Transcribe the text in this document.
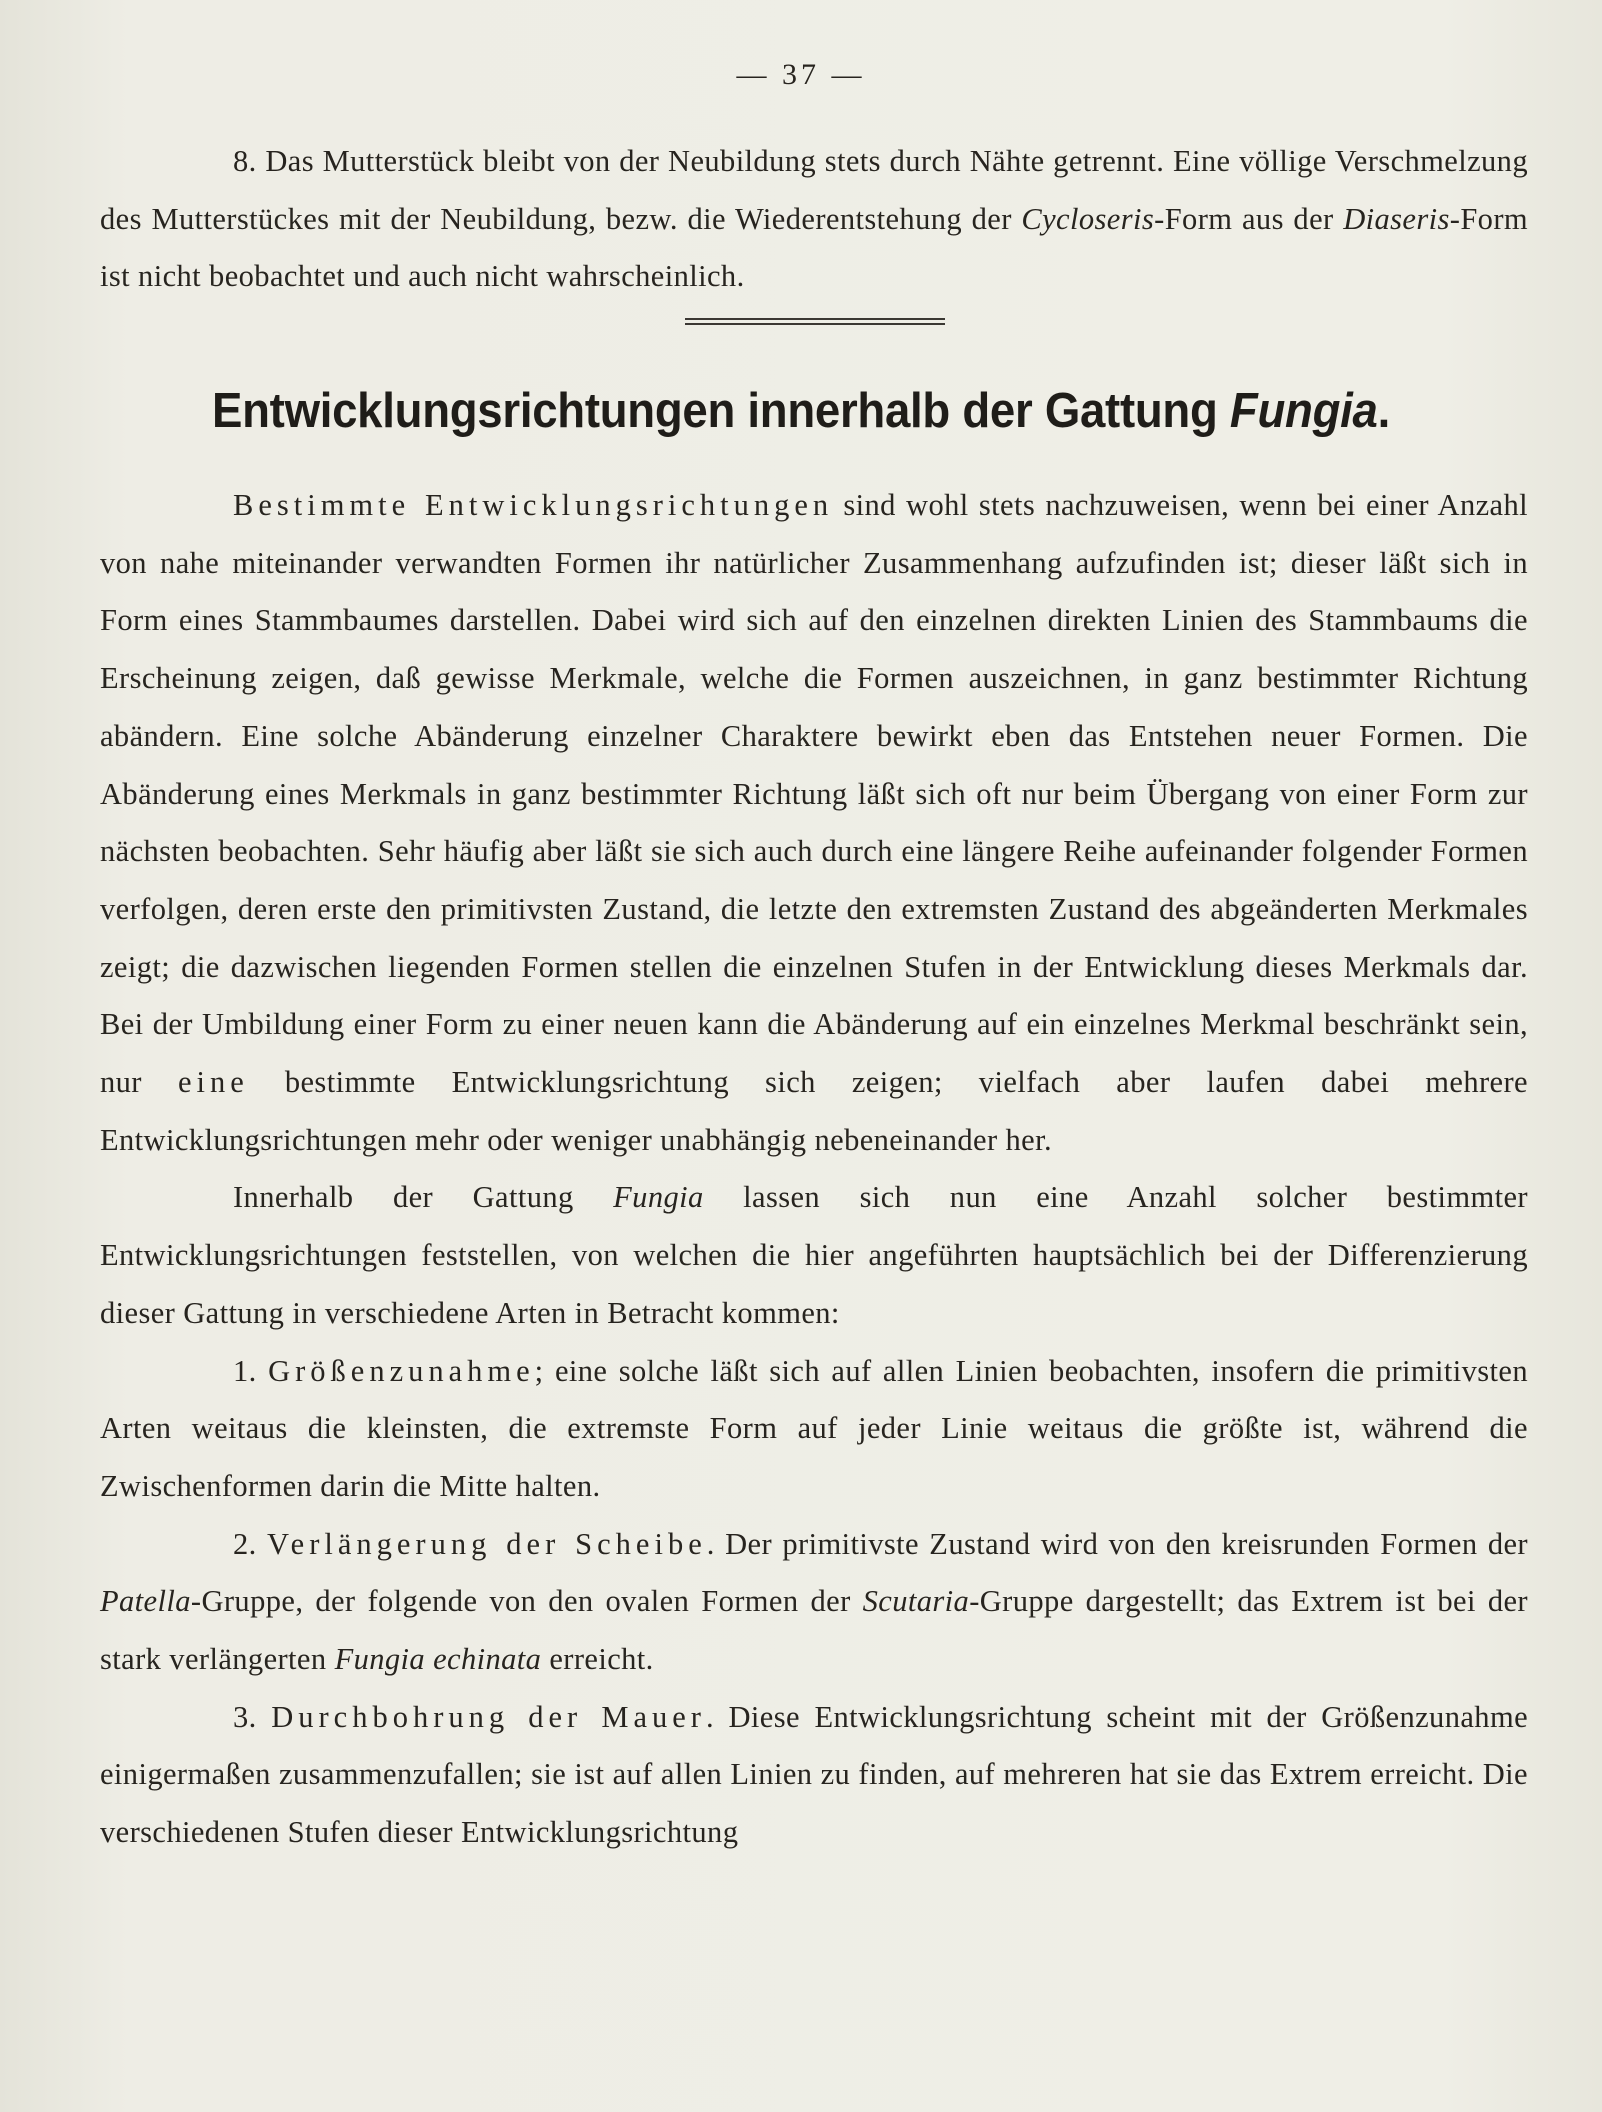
— 37 —

8. Das Mutterstück bleibt von der Neubildung stets durch Nähte getrennt. Eine völlige Verschmelzung des Mutterstückes mit der Neubildung, bezw. die Wiederentstehung der Cycloseris-Form aus der Diaseris-Form ist nicht beobachtet und auch nicht wahrscheinlich.

Entwicklungsrichtungen innerhalb der Gattung Fungia.

Bestimmte Entwicklungsrichtungen sind wohl stets nachzuweisen, wenn bei einer Anzahl von nahe miteinander verwandten Formen ihr natürlicher Zusammenhang aufzufinden ist; dieser läßt sich in Form eines Stammbaumes darstellen. Dabei wird sich auf den einzelnen direkten Linien des Stammbaums die Erscheinung zeigen, daß gewisse Merkmale, welche die Formen auszeichnen, in ganz bestimmter Richtung abändern. Eine solche Abänderung einzelner Charaktere bewirkt eben das Entstehen neuer Formen. Die Abänderung eines Merkmals in ganz bestimmter Richtung läßt sich oft nur beim Übergang von einer Form zur nächsten beobachten. Sehr häufig aber läßt sie sich auch durch eine längere Reihe aufeinander folgender Formen verfolgen, deren erste den primitivsten Zustand, die letzte den extremsten Zustand des abgeänderten Merkmales zeigt; die dazwischen liegenden Formen stellen die einzelnen Stufen in der Entwicklung dieses Merkmals dar. Bei der Umbildung einer Form zu einer neuen kann die Abänderung auf ein einzelnes Merkmal beschränkt sein, nur eine bestimmte Entwicklungsrichtung sich zeigen; vielfach aber laufen dabei mehrere Entwicklungsrichtungen mehr oder weniger unabhängig nebeneinander her.

Innerhalb der Gattung Fungia lassen sich nun eine Anzahl solcher bestimmter Entwicklungsrichtungen feststellen, von welchen die hier angeführten hauptsächlich bei der Differenzierung dieser Gattung in verschiedene Arten in Betracht kommen:

1. Größenzunahme; eine solche läßt sich auf allen Linien beobachten, insofern die primitivsten Arten weitaus die kleinsten, die extremste Form auf jeder Linie weitaus die größte ist, während die Zwischenformen darin die Mitte halten.

2. Verlängerung der Scheibe. Der primitivste Zustand wird von den kreisrunden Formen der Patella-Gruppe, der folgende von den ovalen Formen der Scutaria-Gruppe dargestellt; das Extrem ist bei der stark verlängerten Fungia echinata erreicht.

3. Durchbohrung der Mauer. Diese Entwicklungsrichtung scheint mit der Größenzunahme einigermaßen zusammenzufallen; sie ist auf allen Linien zu finden, auf mehreren hat sie das Extrem erreicht. Die verschiedenen Stufen dieser Entwicklungsrichtung
